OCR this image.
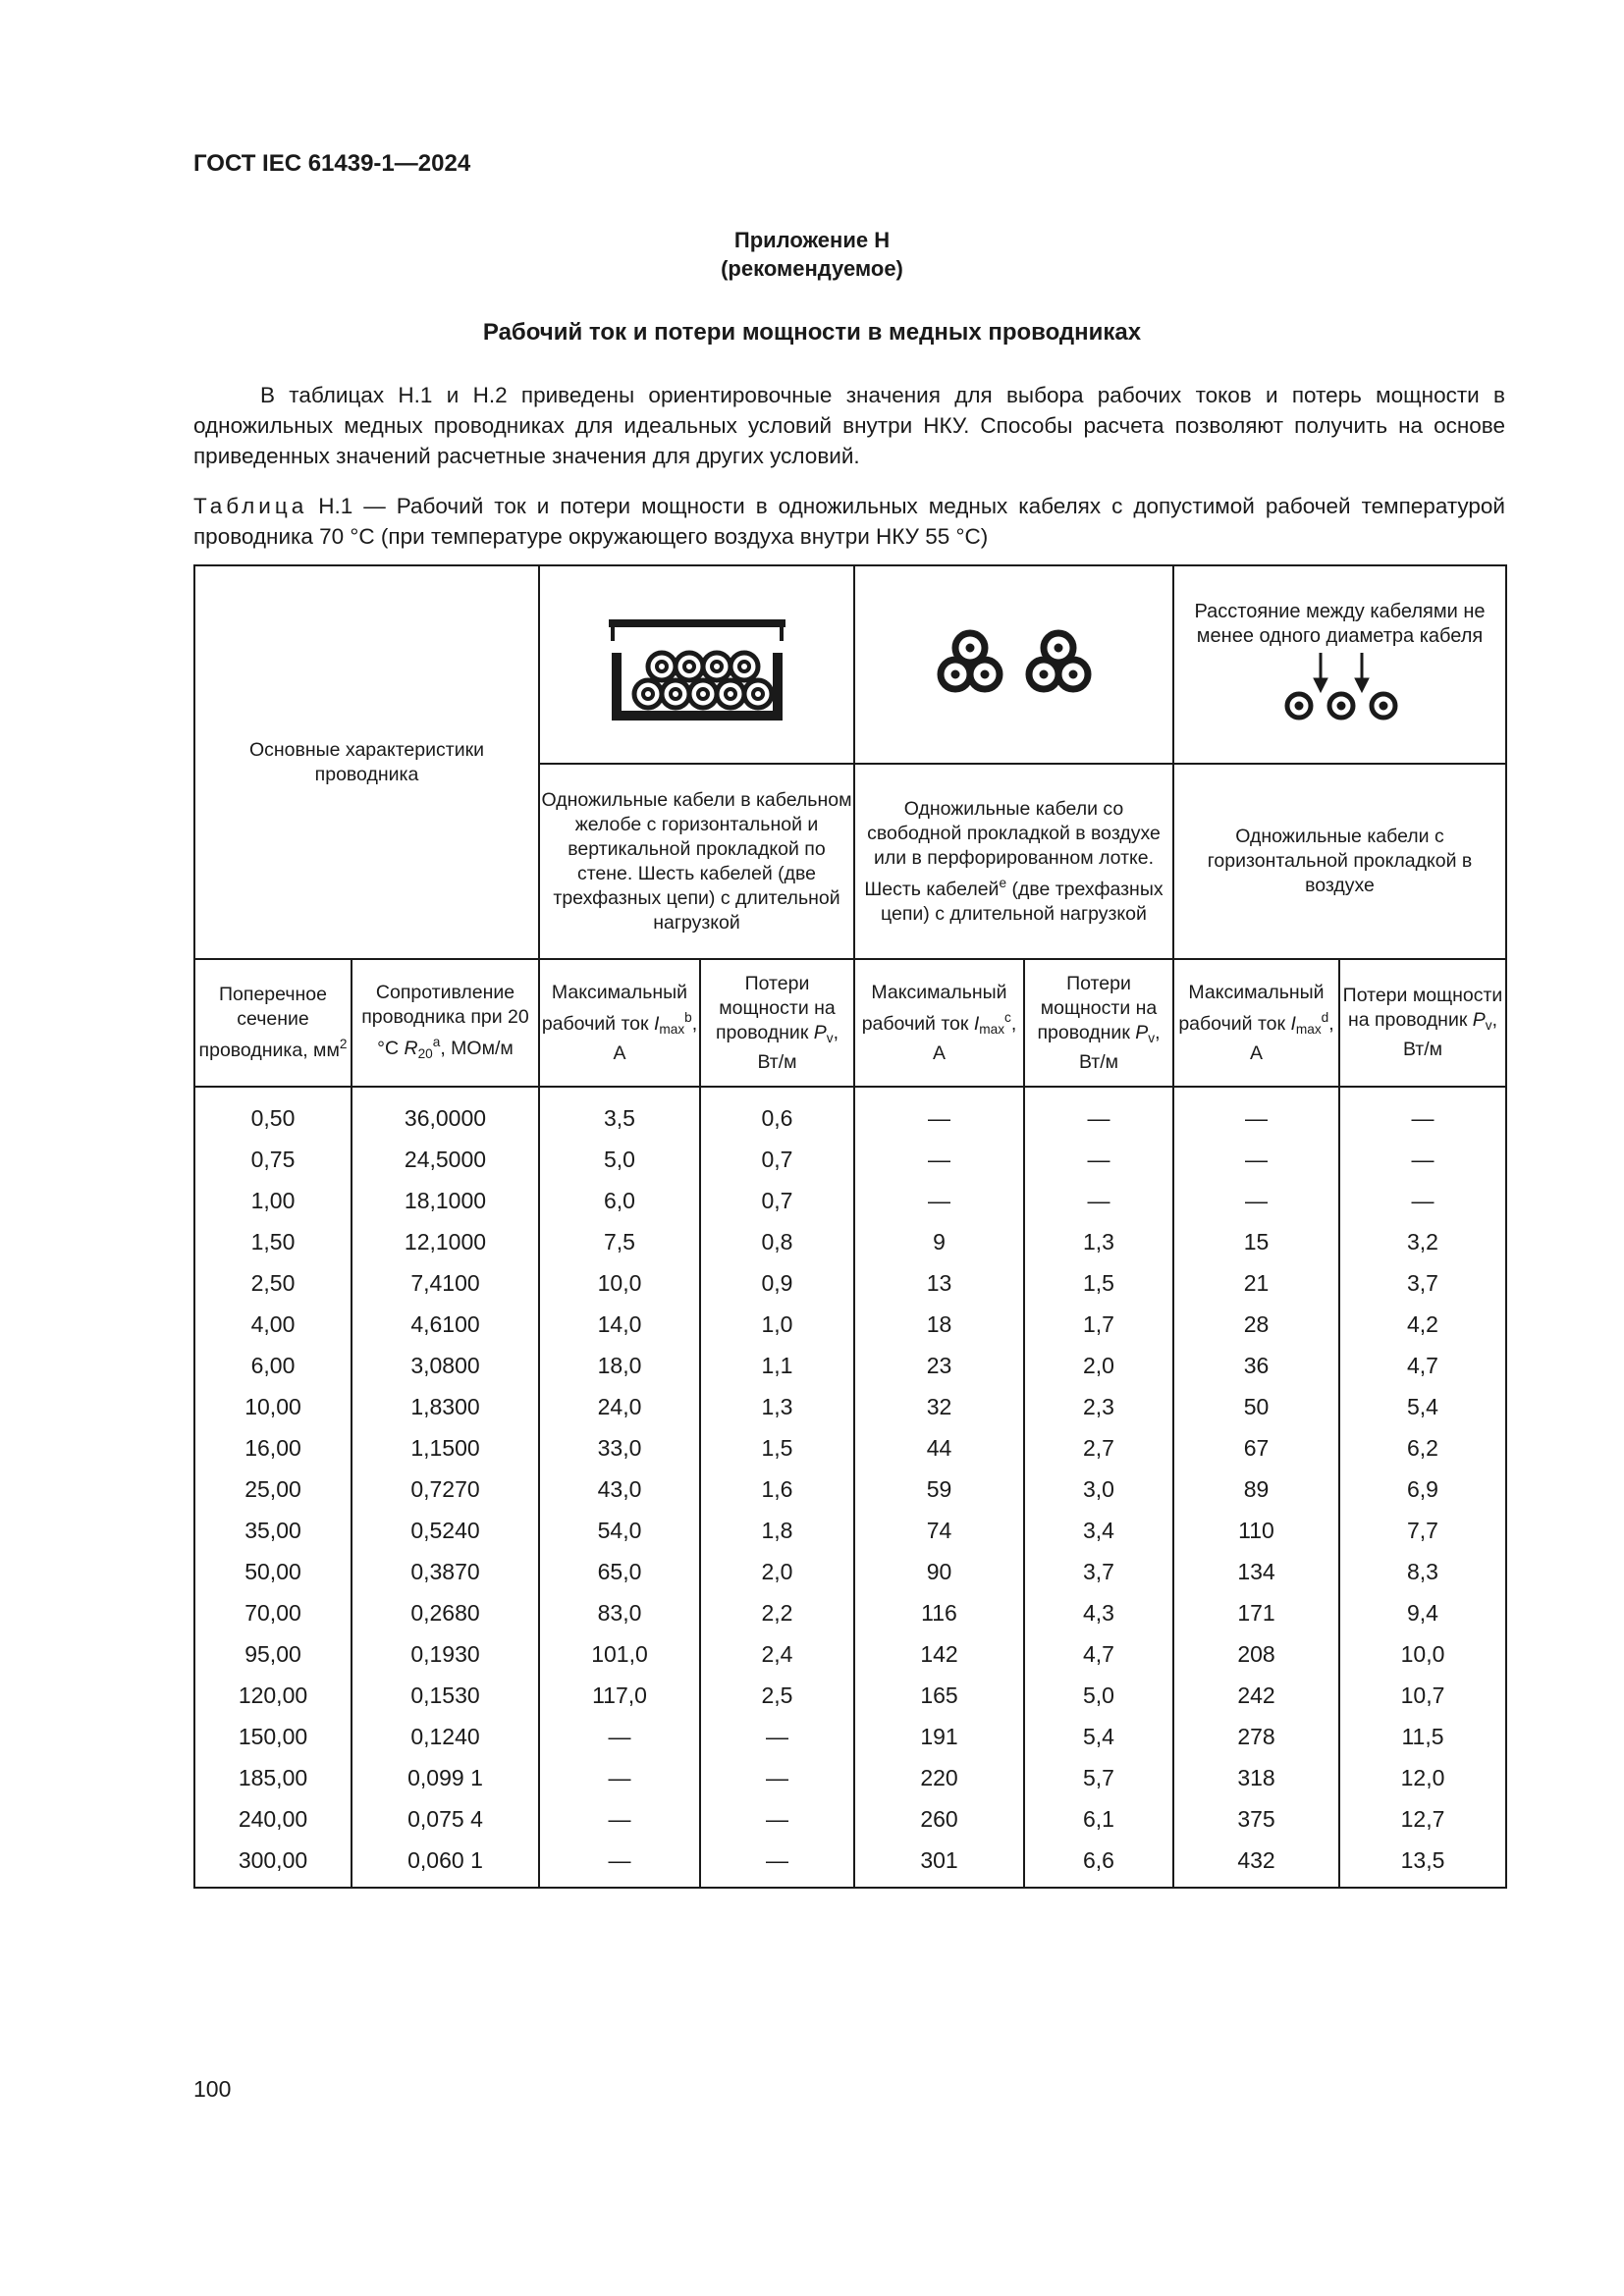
ГОСТ IEC 61439-1—2024
Приложение H
(рекомендуемое)
Рабочий ток и потери мощности в медных проводниках

В таблицах Н.1 и Н.2 приведены ориентировочные значения для выбора рабочих токов и потерь мощности в одножильных медных проводниках для идеальных условий внутри НКУ. Способы расчета позволяют получить на основе приведенных значений расчетные значения для других условий.

Таблица Н.1 — Рабочий ток и потери мощности в одножильных медных кабелях с допустимой рабочей температурой проводника 70 °С (при температуре окружающего воздуха внутри НКУ 55 °С)

Основные характеристики проводника						Расстояние между кабелями не менее одного диаметра кабеля	

		Одножильные кабели в кабельном желобе с горизонтальной и вертикальной прокладкой по стене. Шесть кабелей (две трехфазных цепи) с длительной нагрузкой		Одножильные кабели со свободной прокладкой в воздухе или в перфорированном лотке. Шесть кабелей$^e$ (две трехфазных цепи) с длительной нагрузкой		Одножильные кабели с горизонтальной прокладкой в воздухе	
Поперечное сечение проводника, $мм^2$	Сопротивление проводника при 20 °С $R_{20}^a$, МОм/м	Максимальный рабочий ток $I_{max}^b$, А	Потери мощности на проводник $P_v$, Вт/м	Максимальный рабочий ток $I_{max}^c$, А	Потери мощности на проводник $P_v$, Вт/м	Максимальный рабочий ток $I_{max}^d$, А	Потери мощности на проводник $P_v$, Вт/м
0,50	36,0000	3,5	0,6	—	—	—	—
0,75	24,5000	5,0	0,7	—	—	—	—
1,00	18,1000	6,0	0,7	—	—	—	—
1,50	12,1000	7,5	0,8	9	1,3	15	3,2
2,50	7,4100	10,0	0,9	13	1,5	21	3,7
4,00	4,6100	14,0	1,0	18	1,7	28	4,2
6,00	3,0800	18,0	1,1	23	2,0	36	4,7
10,00	1,8300	24,0	1,3	32	2,3	50	5,4
16,00	1,1500	33,0	1,5	44	2,7	67	6,2
25,00	0,7270	43,0	1,6	59	3,0	89	6,9
35,00	0,5240	54,0	1,8	74	3,4	110	7,7
50,00	0,3870	65,0	2,0	90	3,7	134	8,3
70,00	0,2680	83,0	2,2	116	4,3	171	9,4
95,00	0,1930	101,0	2,4	142	4,7	208	10,0
120,00	0,1530	117,0	2,5	165	5,0	242	10,7
150,00	0,1240	—	—	191	5,4	278	11,5
185,00	0,099 1	—	—	220	5,7	318	12,0
240,00	0,075 4	—	—	260	6,1	375	12,7
300,00	0,060 1	—	—	301	6,6	432	13,5
100
